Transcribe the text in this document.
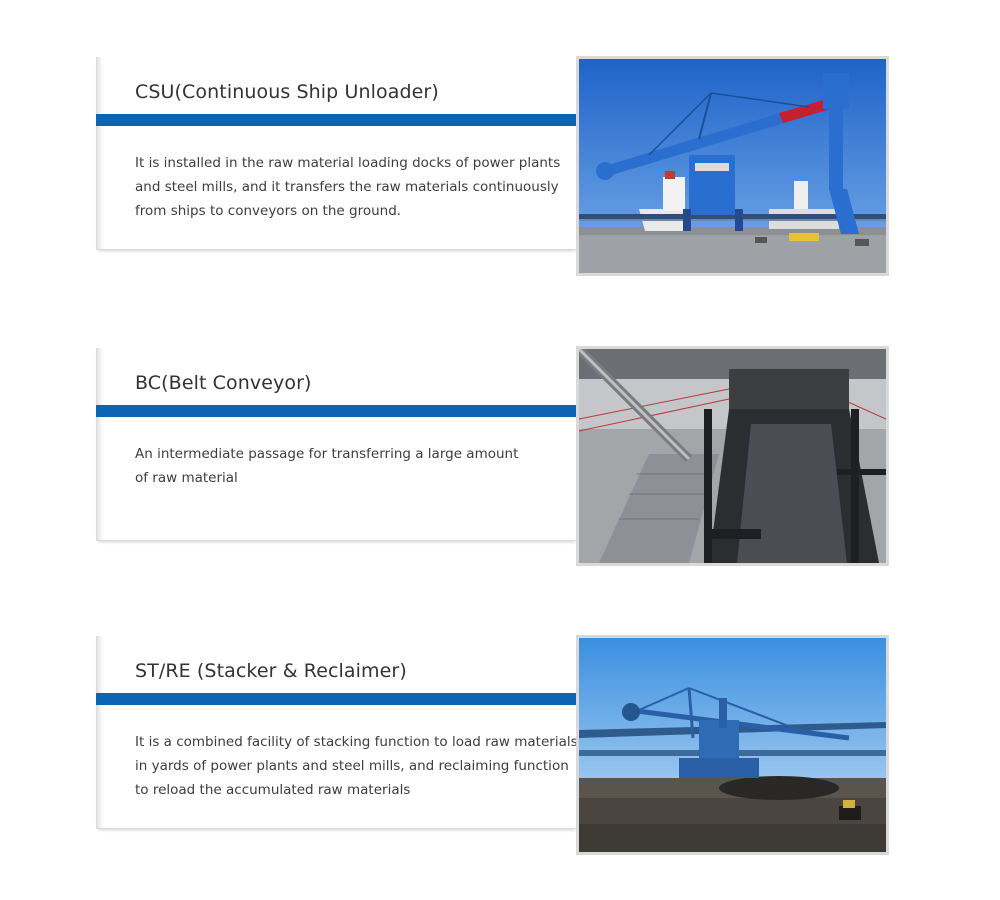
CSU(Continuous Ship Unloader)

It is installed in the raw material loading docks of power plants
and steel mills, and it transfers the raw materials continuously
from ships to conveyors on the ground.

BC(Belt Conveyor)

An intermediate passage for transferring a large amount
of raw material

ST/RE (Stacker & Reclaimer)

It is a combined facility of stacking function to load raw materials
in yards of power plants and steel mills, and reclaiming function
to reload the accumulated raw materials
